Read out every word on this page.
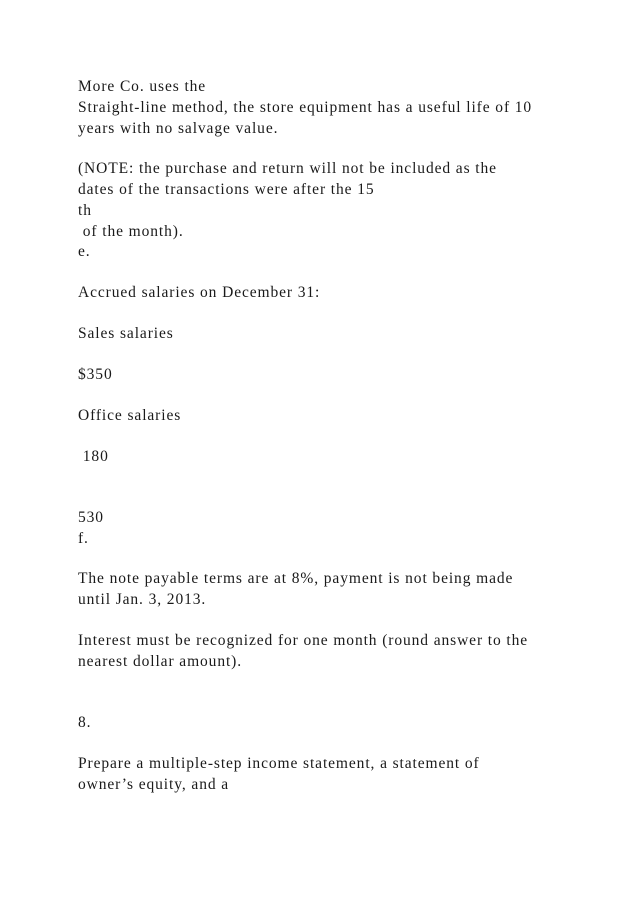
More Co. uses the
Straight-line method, the store equipment has a useful life of 10
years with no salvage value.
(NOTE: the purchase and return will not be included as the
dates of the transactions were after the 15
th
of the month).
e.
Accrued salaries on December 31:
Sales salaries
$350
Office salaries
180
530
f.
The note payable terms are at 8%, payment is not being made
until Jan. 3, 2013.
Interest must be recognized for one month (round answer to the
nearest dollar amount).
8.
Prepare a multiple-step income statement, a statement of
owner’s equity, and a
